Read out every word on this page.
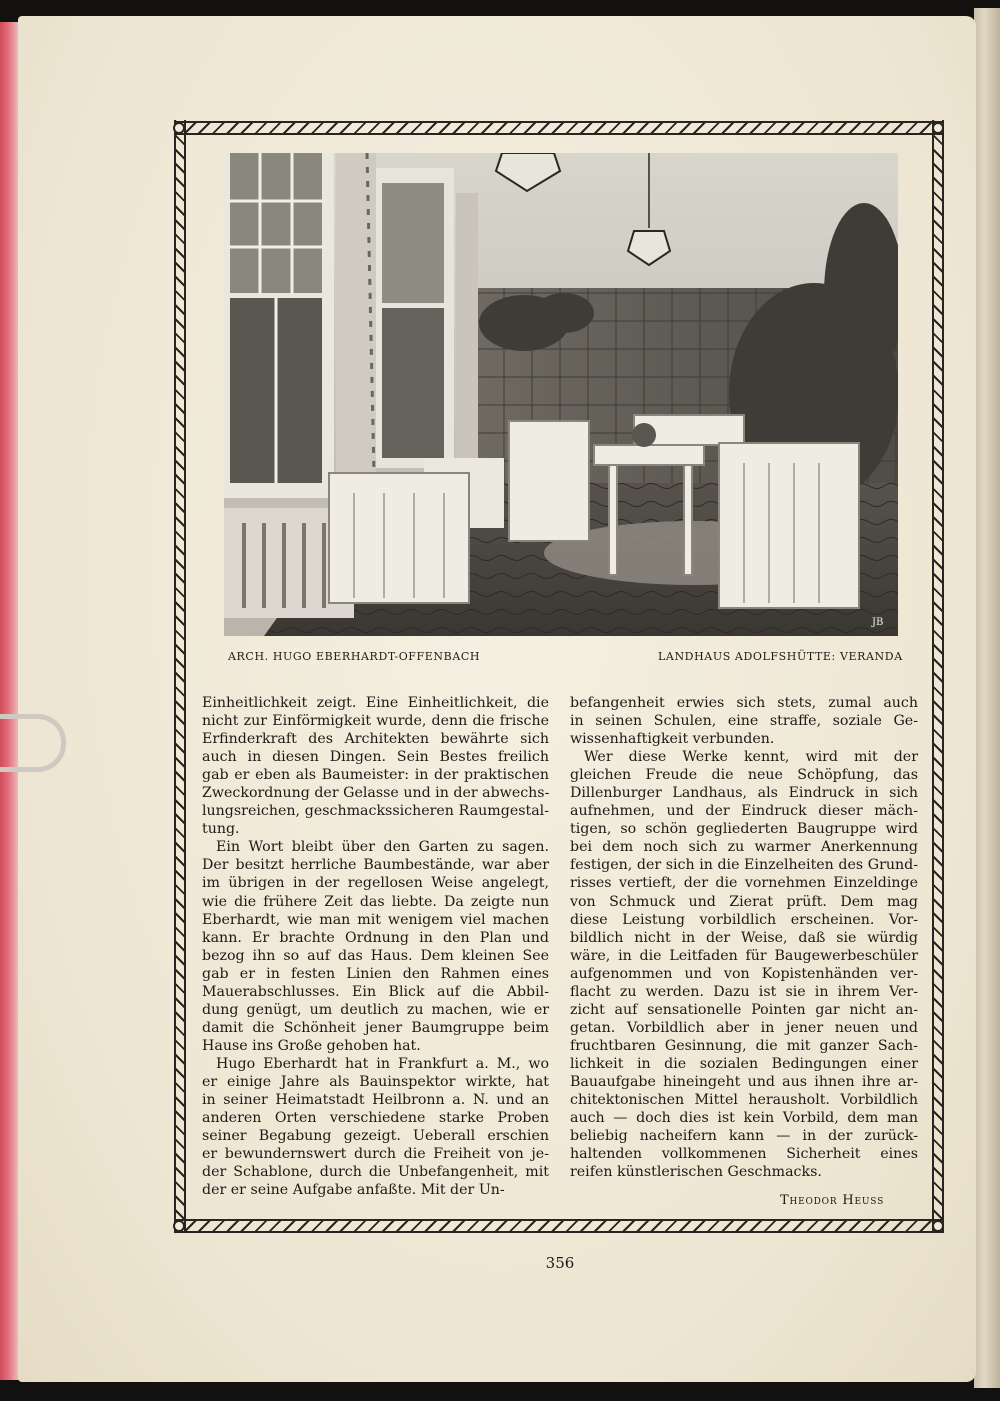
JB
ARCH. HUGO EBERHARDT-OFFENBACH	LANDHAUS ADOLFSHÜTTE: VERANDA
Einheitlichkeit zeigt. Eine Einheitlichkeit, die
nicht zur Einförmigkeit wurde, denn die frische
Erfinderkraft des Architekten bewährte sich
auch in diesen Dingen. Sein Bestes freilich
gab er eben als Baumeister: in der praktischen
Zweckordnung der Gelasse und in der abwechs-
lungsreichen, geschmackssicheren Raumgestal-
tung.
Ein Wort bleibt über den Garten zu sagen.
Der besitzt herrliche Baumbestände, war aber
im übrigen in der regellosen Weise angelegt,
wie die frühere Zeit das liebte. Da zeigte nun
Eberhardt, wie man mit wenigem viel machen
kann. Er brachte Ordnung in den Plan und
bezog ihn so auf das Haus. Dem kleinen See
gab er in festen Linien den Rahmen eines
Mauerabschlusses. Ein Blick auf die Abbil-
dung genügt, um deutlich zu machen, wie er
damit die Schönheit jener Baumgruppe beim
Hause ins Große gehoben hat.
Hugo Eberhardt hat in Frankfurt a. M., wo
er einige Jahre als Bauinspektor wirkte, hat
in seiner Heimatstadt Heilbronn a. N. und an
anderen Orten verschiedene starke Proben
seiner Begabung gezeigt. Ueberall erschien
er bewundernswert durch die Freiheit von je-
der Schablone, durch die Unbefangenheit, mit
der er seine Aufgabe anfaßte. Mit der Un-
befangenheit erwies sich stets, zumal auch
in seinen Schulen, eine straffe, soziale Ge-
wissenhaftigkeit verbunden.
Wer diese Werke kennt, wird mit der
gleichen Freude die neue Schöpfung, das
Dillenburger Landhaus, als Eindruck in sich
aufnehmen, und der Eindruck dieser mäch-
tigen, so schön gegliederten Baugruppe wird
bei dem noch sich zu warmer Anerkennung
festigen, der sich in die Einzelheiten des Grund-
risses vertieft, der die vornehmen Einzeldinge
von Schmuck und Zierat prüft. Dem mag
diese Leistung vorbildlich erscheinen. Vor-
bildlich nicht in der Weise, daß sie würdig
wäre, in die Leitfaden für Baugewerbeschüler
aufgenommen und von Kopistenhänden ver-
flacht zu werden. Dazu ist sie in ihrem Ver-
zicht auf sensationelle Pointen gar nicht an-
getan. Vorbildlich aber in jener neuen und
fruchtbaren Gesinnung, die mit ganzer Sach-
lichkeit in die sozialen Bedingungen einer
Bauaufgabe hineingeht und aus ihnen ihre ar-
chitektonischen Mittel herausholt. Vorbildlich
auch — doch dies ist kein Vorbild, dem man
beliebig nacheifern kann — in der zurück-
haltenden vollkommenen Sicherheit eines
reifen künstlerischen Geschmacks.
Theodor Heuss
356
